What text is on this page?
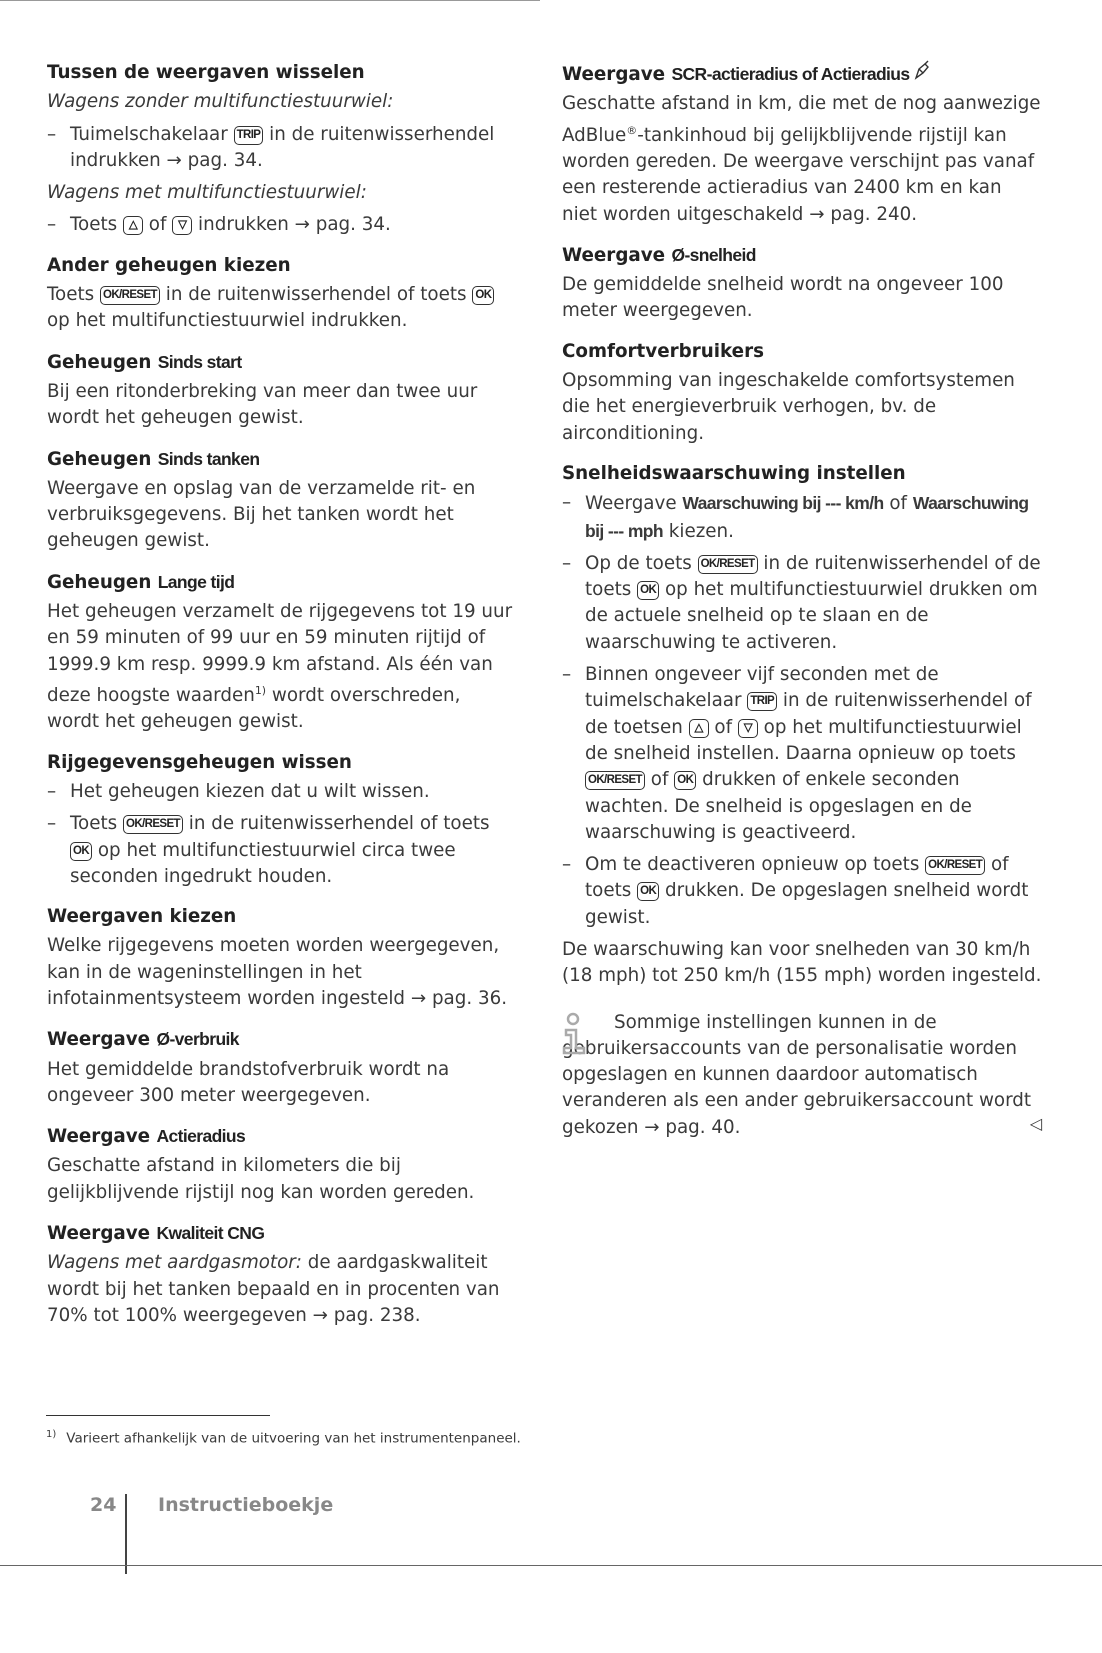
Tussen de weergaven wisselen
Wagens zonder multifunctiestuurwiel:
– Tuimelschakelaar TRIP in de ruitenwisserhendel indrukken → pag. 34.
Wagens met multifunctiestuurwiel:
– Toets △ of ▽ indrukken → pag. 34.
Ander geheugen kiezen
Toets OK/RESET in de ruitenwisserhendel of toets OK op het multifunctiestuurwiel indrukken.
Geheugen Sinds start
Bij een ritonderbreking van meer dan twee uur wordt het geheugen gewist.
Geheugen Sinds tanken
Weergave en opslag van de verzamelde rit- en verbruiksgegevens. Bij het tanken wordt het geheugen gewist.
Geheugen Lange tijd
Het geheugen verzamelt de rijgegevens tot 19 uur en 59 minuten of 99 uur en 59 minuten rijtijd of 1999.9 km resp. 9999.9 km afstand. Als één van deze hoogste waarden$^{1)}$ wordt overschreden, wordt het geheugen gewist.
Rijgegevensgeheugen wissen
– Het geheugen kiezen dat u wilt wissen.
– Toets OK/RESET in de ruitenwisserhendel of toets OK op het multifunctiestuurwiel circa twee seconden ingedrukt houden.
Weergaven kiezen
Welke rijgegevens moeten worden weergegeven, kan in de wageninstellingen in het infotainmentsysteem worden ingesteld → pag. 36.
Weergave Ø-verbruik
Het gemiddelde brandstofverbruik wordt na ongeveer 300 meter weergegeven.
Weergave Actieradius
Geschatte afstand in kilometers die bij gelijkblijvende rijstijl nog kan worden gereden.
Weergave Kwaliteit CNG
Wagens met aardgasmotor: de aardgaskwaliteit wordt bij het tanken bepaald en in procenten van 70% tot 100% weergegeven → pag. 238.
Weergave SCR-actieradius of Actieradius
Geschatte afstand in km, die met de nog aanwezige AdBlue®-tankinhoud bij gelijkblijvende rijstijl kan worden gereden. De weergave verschijnt pas vanaf een resterende actieradius van 2400 km en kan niet worden uitgeschakeld → pag. 240.
Weergave Ø-snelheid
De gemiddelde snelheid wordt na ongeveer 100 meter weergegeven.
Comfortverbruikers
Opsomming van ingeschakelde comfortsystemen die het energieverbruik verhogen, bv. de airconditioning.
Snelheidswaarschuwing instellen
– Weergave Waarschuwing bij --- km/h of Waarschuwing bij --- mph kiezen.
– Op de toets OK/RESET in de ruitenwisserhendel of de toets OK op het multifunctiestuurwiel drukken om de actuele snelheid op te slaan en de waarschuwing te activeren.
– Binnen ongeveer vijf seconden met de tuimelschakelaar TRIP in de ruitenwisserhendel of de toetsen △ of ▽ op het multifunctiestuurwiel de snelheid instellen. Daarna opnieuw op toets OK/RESET of OK drukken of enkele seconden wachten. De snelheid is opgeslagen en de waarschuwing is geactiveerd.
– Om te deactiveren opnieuw op toets OK/RESET of toets OK drukken. De opgeslagen snelheid wordt gewist.
De waarschuwing kan voor snelheden van 30 km/h (18 mph) tot 250 km/h (155 mph) worden ingesteld.
Sommige instellingen kunnen in de gebruikersaccounts van de personalisatie worden opgeslagen en kunnen daardoor automatisch veranderen als een ander gebruikersaccount wordt gekozen → pag. 40.	◁
$^{1)}$ Varieert afhankelijk van de uitvoering van het instrumentenpaneel.
24 Instructieboekje
